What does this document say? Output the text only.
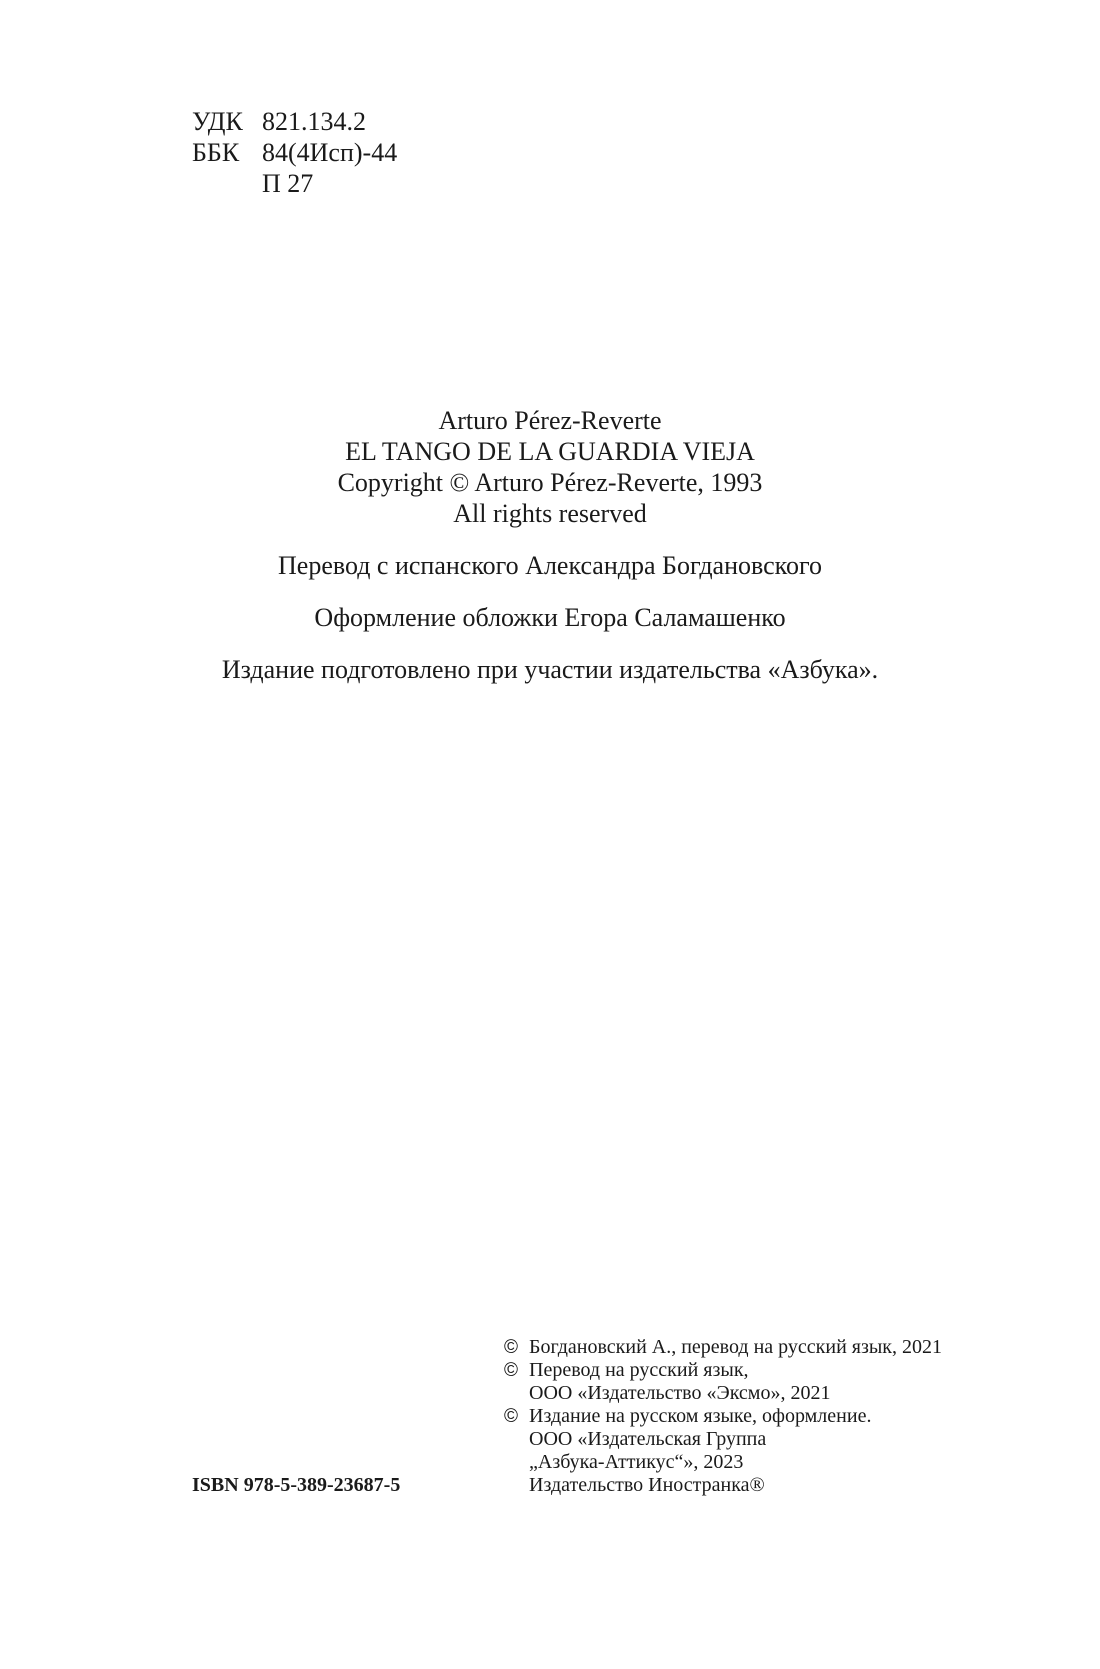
УДК 821.134.2
ББК 84(4Исп)-44
П 27
Arturo Pérez-Reverte
EL TANGO DE LA GUARDIA VIEJA
Copyright © Arturo Pérez-Reverte, 1993
All rights reserved
Перевод с испанского Александра Богдановского
Оформление обложки Егора Саламашенко
Издание подготовлено при участии издательства «Азбука».
© Богдановский А., перевод на русский язык, 2021
© Перевод на русский язык,
ООО «Издательство «Эксмо», 2021
© Издание на русском языке, оформление.
ООО «Издательская Группа
„Азбука-Аттикус“», 2023
Издательство Иностранка®
ISBN 978-5-389-23687-5
